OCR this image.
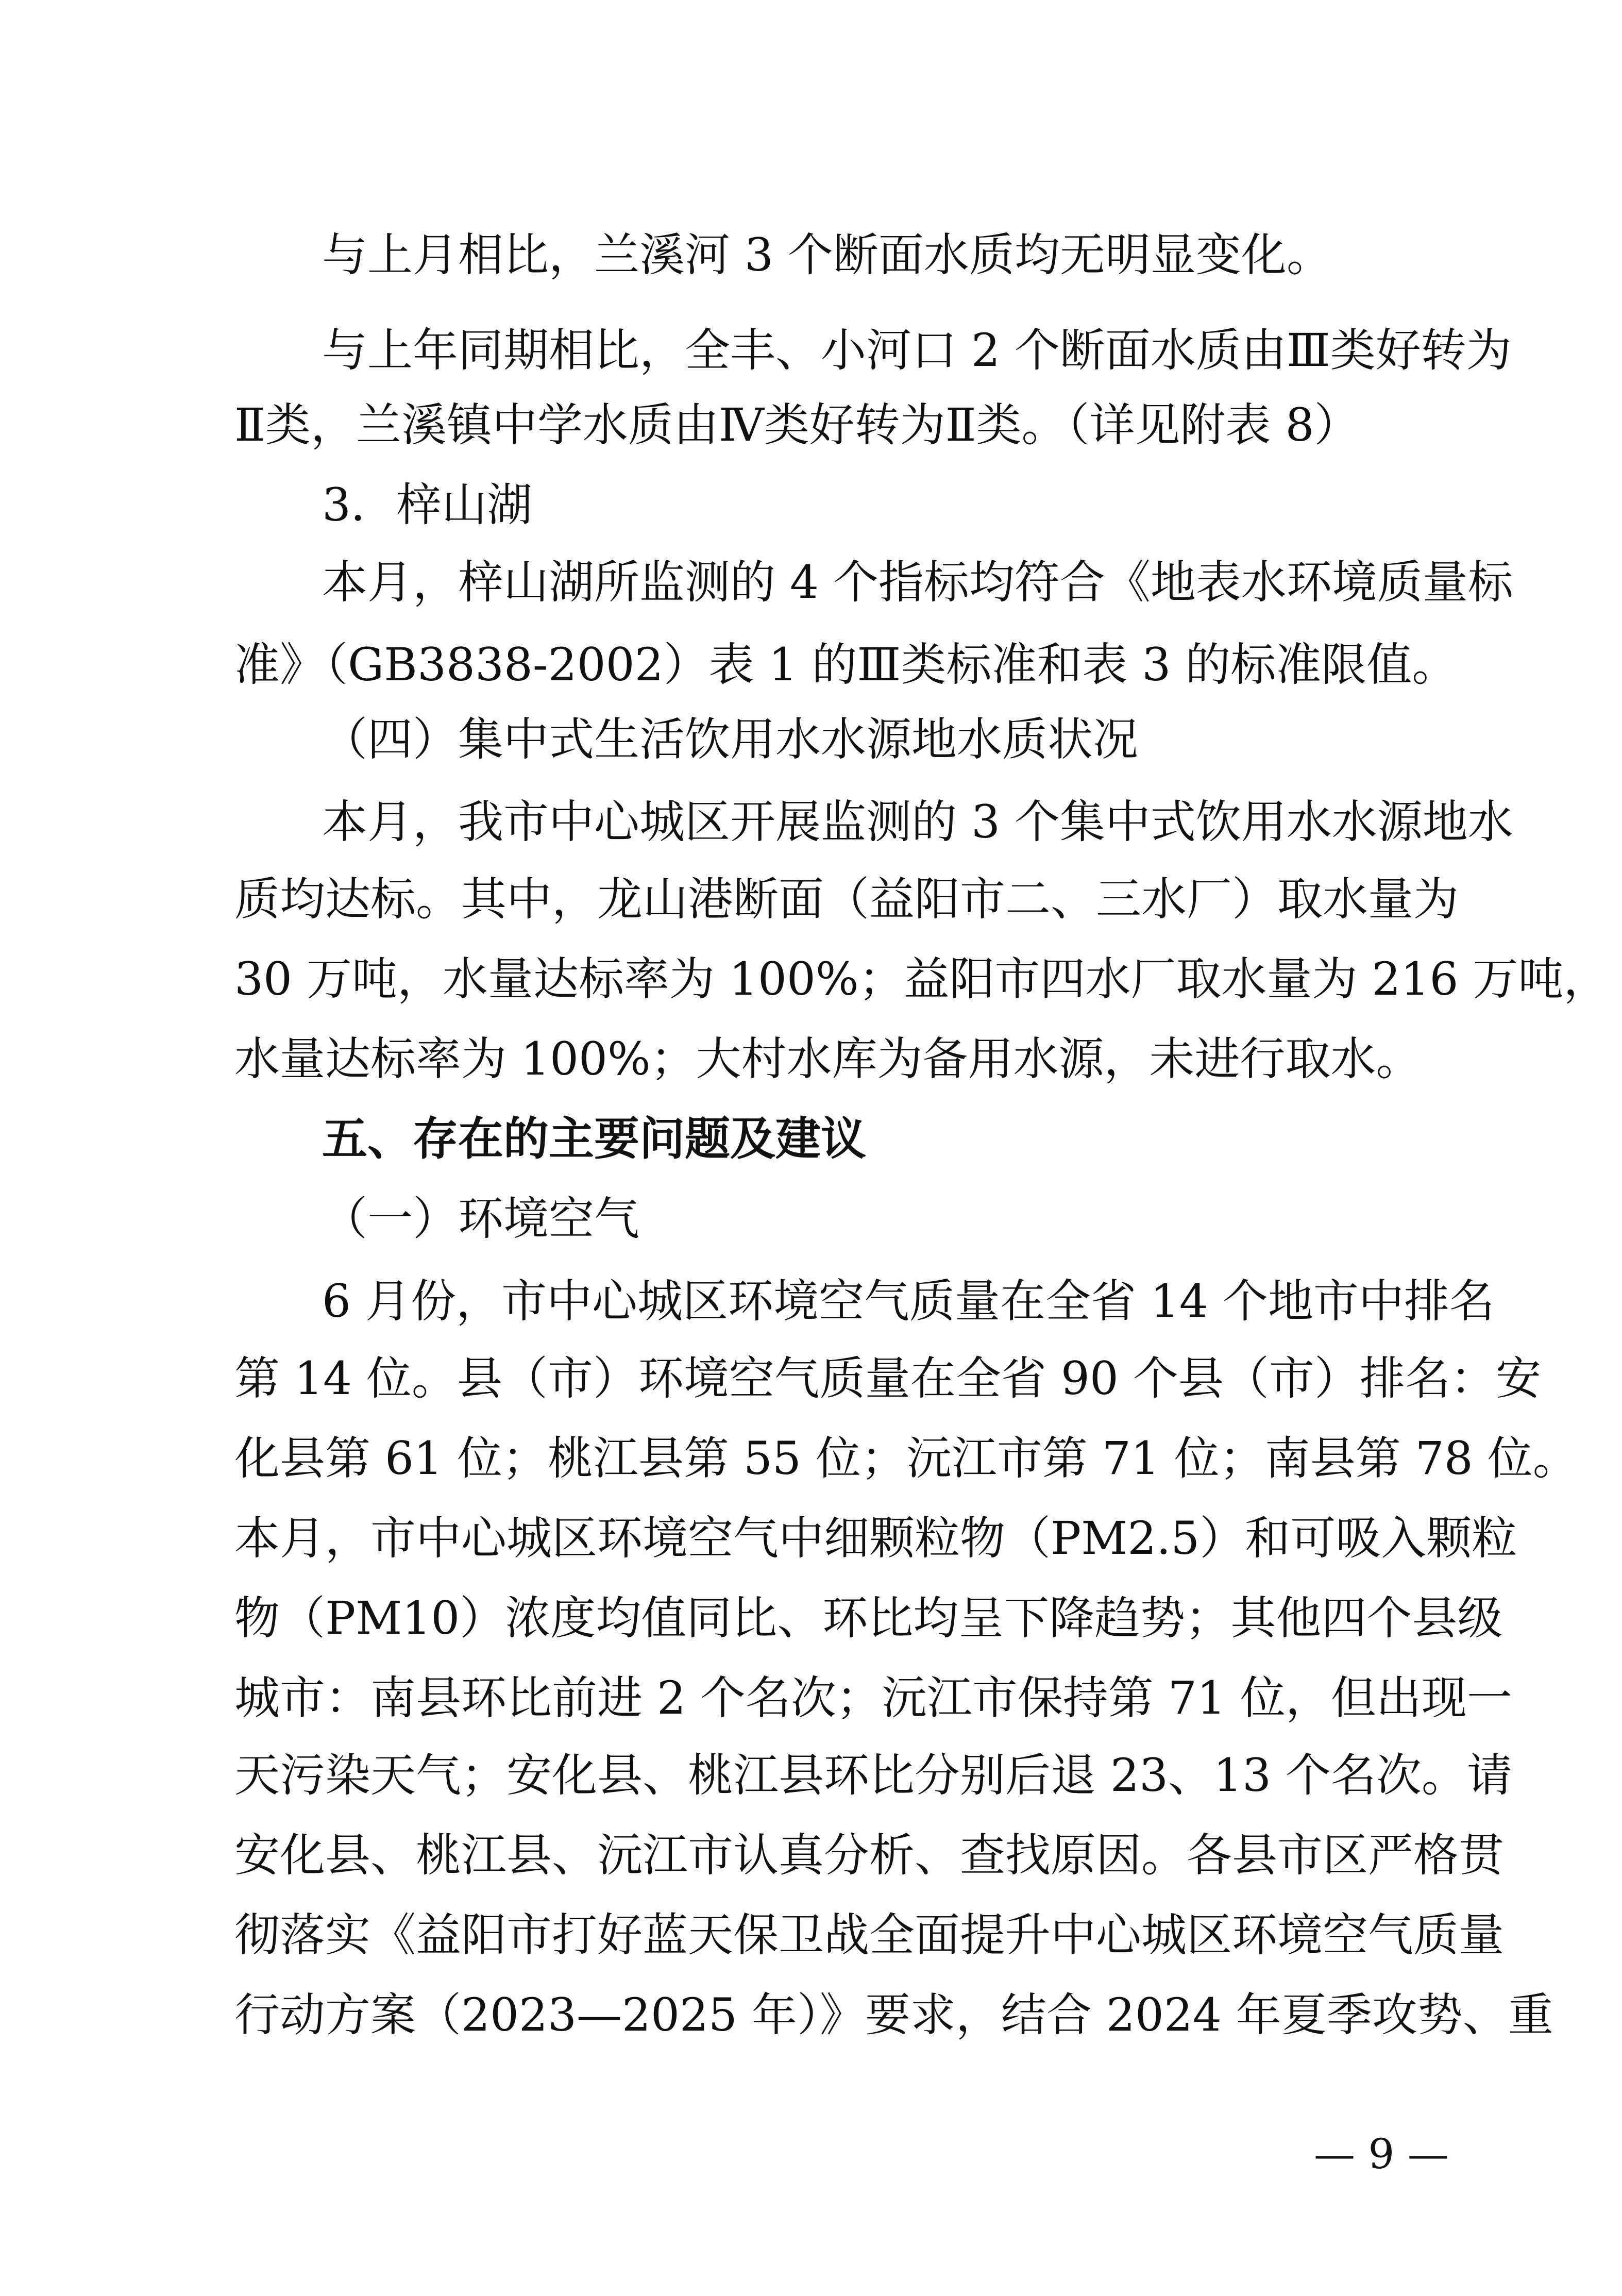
与上月相比，兰溪河 3 个断面水质均无明显变化。
与上年同期相比，全丰、小河口 2 个断面水质由Ⅲ类好转为
Ⅱ类，兰溪镇中学水质由Ⅳ类好转为Ⅱ类。（详见附表 8）
3．梓山湖
本月，梓山湖所监测的 4 个指标均符合《地表水环境质量标
准》（GB3838-2002）表 1 的Ⅲ类标准和表 3 的标准限值。
（四）集中式生活饮用水水源地水质状况
本月，我市中心城区开展监测的 3 个集中式饮用水水源地水
质均达标。其中，龙山港断面（益阳市二、三水厂）取水量为
30 万吨，水量达标率为 100%；益阳市四水厂取水量为 216 万吨，
水量达标率为 100%；大村水库为备用水源，未进行取水。
五、存在的主要问题及建议
（一）环境空气
6 月份，市中心城区环境空气质量在全省 14 个地市中排名
第 14 位。县（市）环境空气质量在全省 90 个县（市）排名：安
化县第 61 位；桃江县第 55 位；沅江市第 71 位；南县第 78 位。
本月，市中心城区环境空气中细颗粒物（PM2.5）和可吸入颗粒
物（PM10）浓度均值同比、环比均呈下降趋势；其他四个县级
城市：南县环比前进 2 个名次；沅江市保持第 71 位，但出现一
天污染天气；安化县、桃江县环比分别后退 23、13 个名次。请
安化县、桃江县、沅江市认真分析、查找原因。各县市区严格贯
彻落实《益阳市打好蓝天保卫战全面提升中心城区环境空气质量
行动方案（2023—2025 年）》要求，结合 2024 年夏季攻势、重
— 9 —
